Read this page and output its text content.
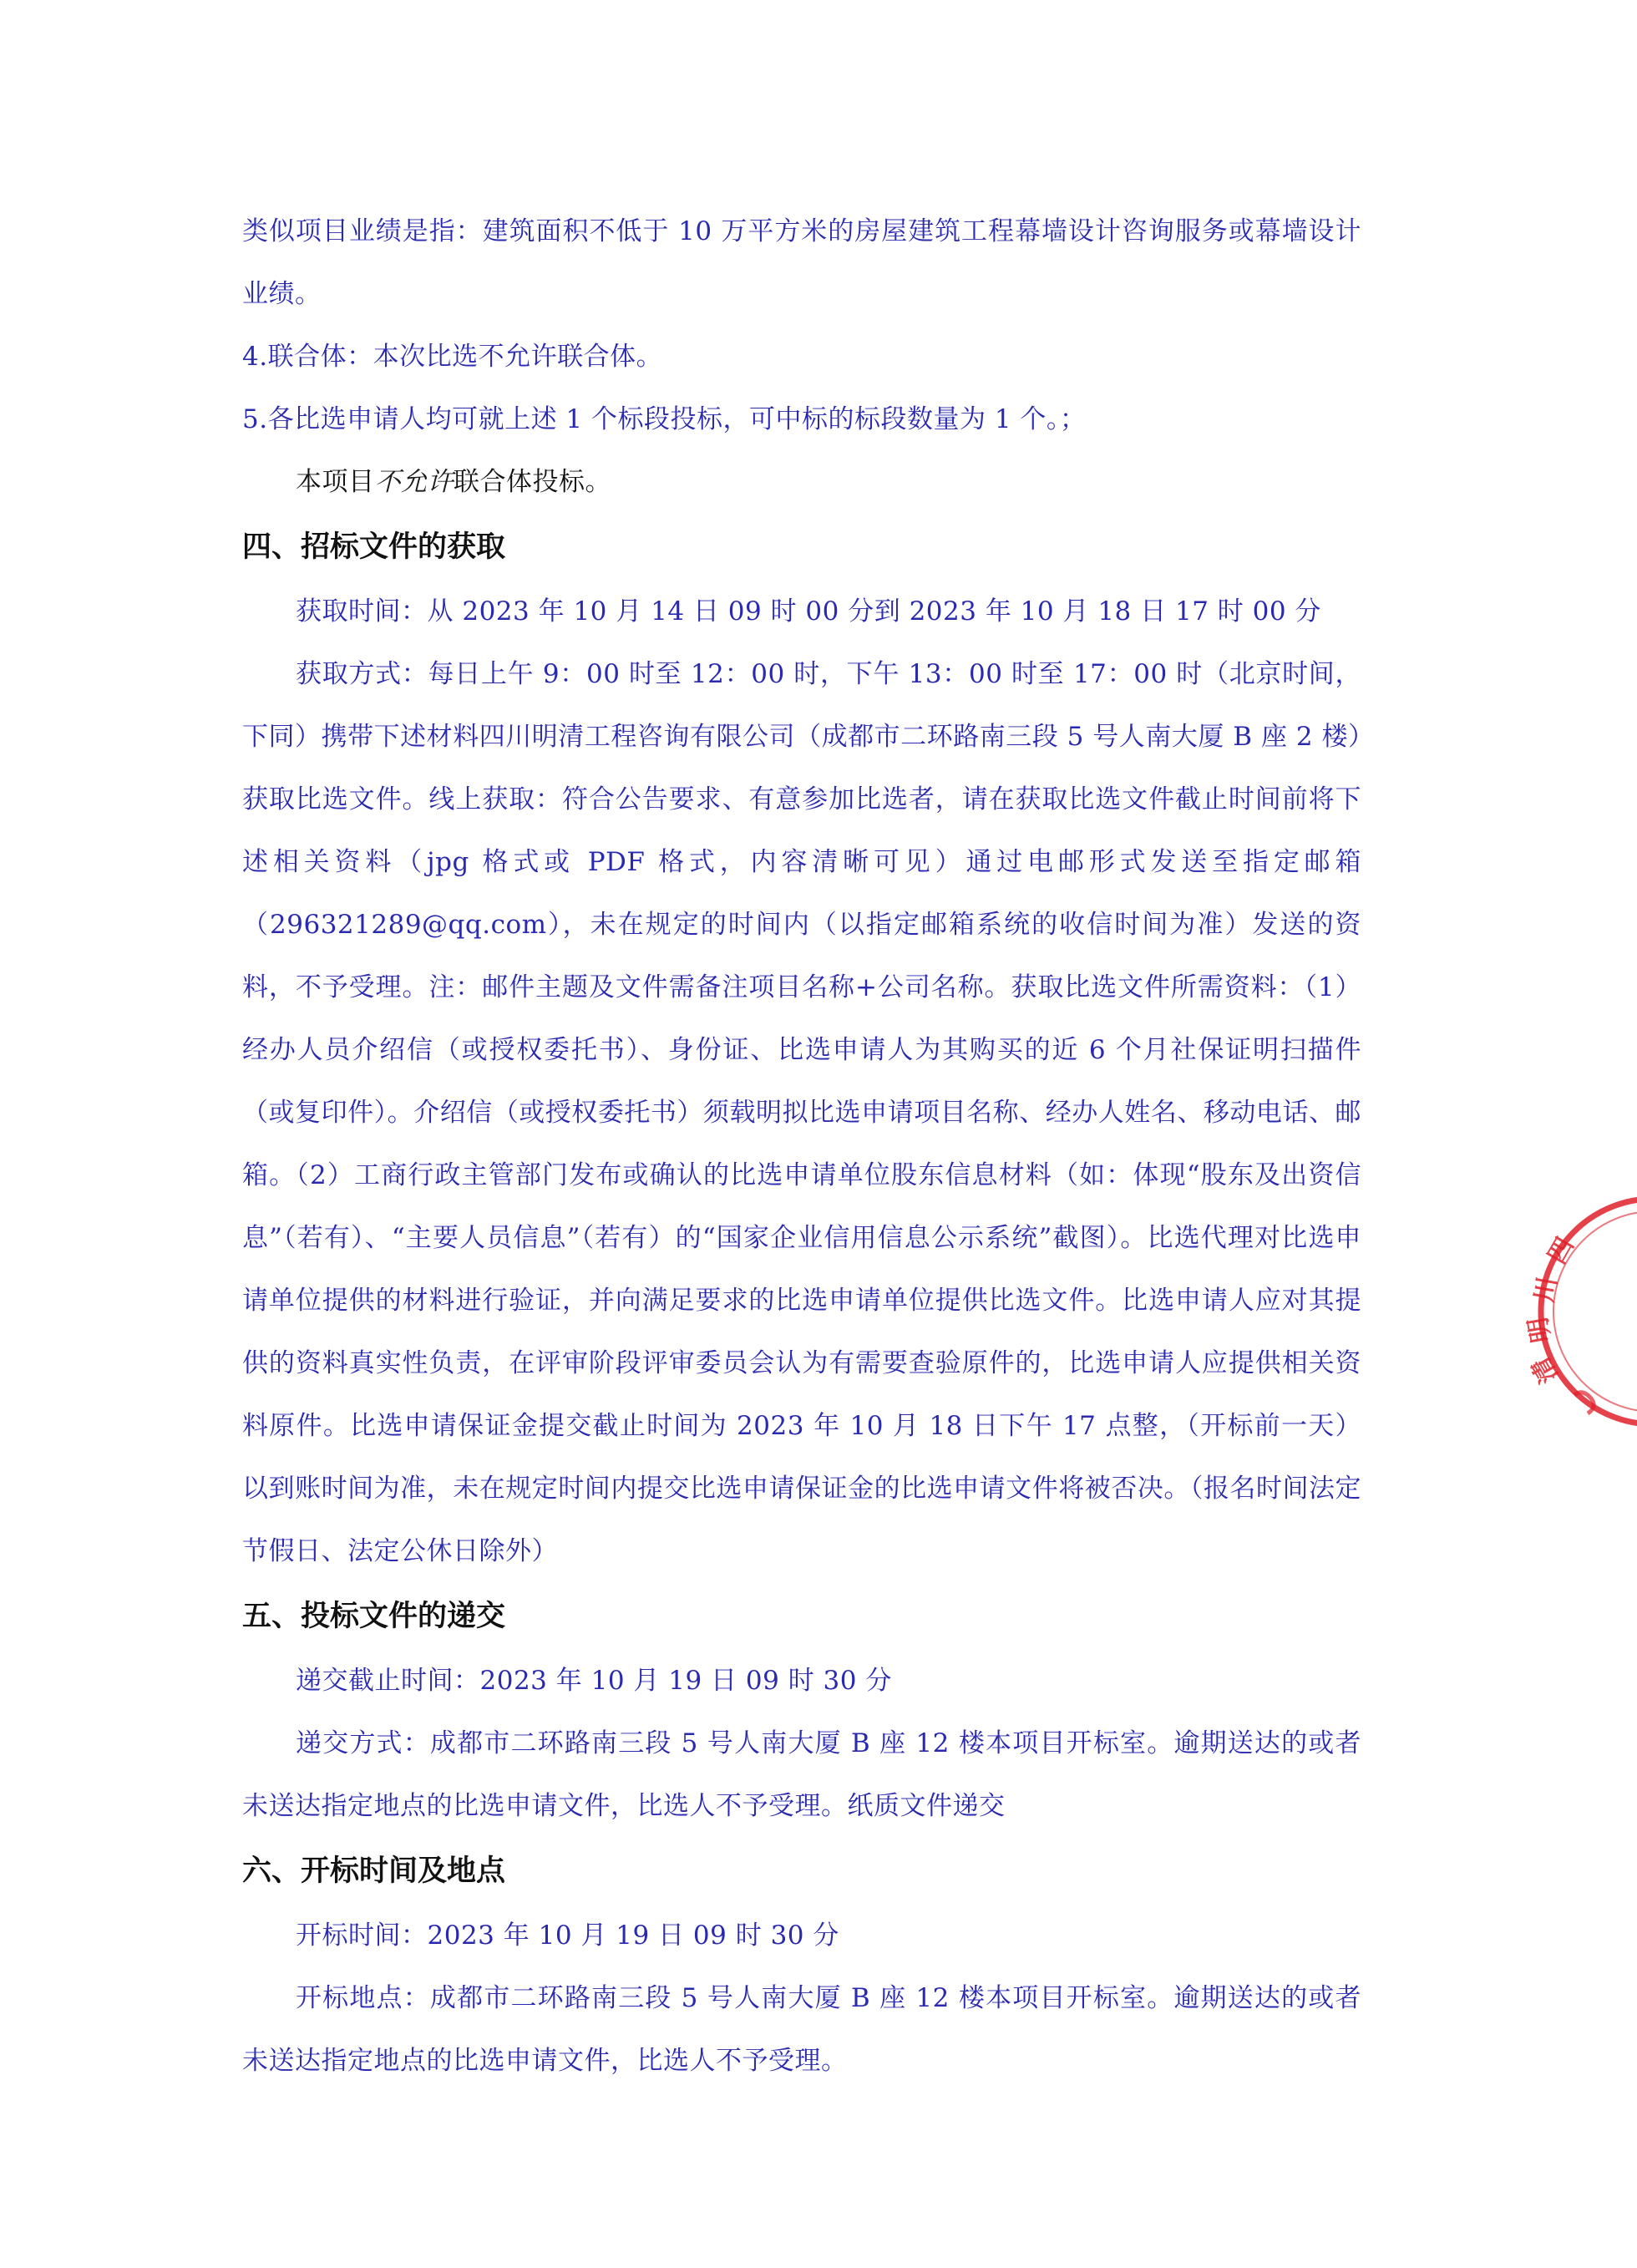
类似项目业绩是指：建筑面积不低于 10 万平方米的房屋建筑工程幕墙设计咨询服务或幕墙设计业绩。

4.联合体：本次比选不允许联合体。

5.各比选申请人均可就上述 1 个标段投标，可中标的标段数量为 1 个。；

本项目不允许联合体投标。

四、招标文件的获取

获取时间：从 2023 年 10 月 14 日 09 时 00 分到 2023 年 10 月 18 日 17 时 00 分

获取方式：每日上午 9：00 时至 12：00 时，下午 13：00 时至 17：00 时（北京时间，下同）携带下述材料四川明清工程咨询有限公司（成都市二环路南三段 5 号人南大厦 B 座 2 楼）获取比选文件。线上获取：符合公告要求、有意参加比选者，请在获取比选文件截止时间前将下述相关资料（jpg 格式或 PDF 格式，内容清晰可见）通过电邮形式发送至指定邮箱（296321289@qq.com），未在规定的时间内（以指定邮箱系统的收信时间为准）发送的资料，不予受理。注：邮件主题及文件需备注项目名称+公司名称。获取比选文件所需资料：（1）经办人员介绍信（或授权委托书）、身份证、比选申请人为其购买的近 6 个月社保证明扫描件（或复印件）。介绍信（或授权委托书）须载明拟比选申请项目名称、经办人姓名、移动电话、邮箱。（2）工商行政主管部门发布或确认的比选申请单位股东信息材料（如：体现“股东及出资信息”（若有）、“主要人员信息”（若有）的“国家企业信用信息公示系统”截图）。比选代理对比选申请单位提供的材料进行验证，并向满足要求的比选申请单位提供比选文件。比选申请人应对其提供的资料真实性负责，在评审阶段评审委员会认为有需要查验原件的，比选申请人应提供相关资料原件。比选申请保证金提交截止时间为 2023 年 10 月 18 日下午 17 点整，（开标前一天）以到账时间为准，未在规定时间内提交比选申请保证金的比选申请文件将被否决。（报名时间法定节假日、法定公休日除外）

五、投标文件的递交

递交截止时间：2023 年 10 月 19 日 09 时 30 分

递交方式：成都市二环路南三段 5 号人南大厦 B 座 12 楼本项目开标室。逾期送达的或者未送达指定地点的比选申请文件，比选人不予受理。纸质文件递交

六、开标时间及地点

开标时间：2023 年 10 月 19 日 09 时 30 分

开标地点：成都市二环路南三段 5 号人南大厦 B 座 12 楼本项目开标室。逾期送达的或者未送达指定地点的比选申请文件，比选人不予受理。

四
川
明
清
